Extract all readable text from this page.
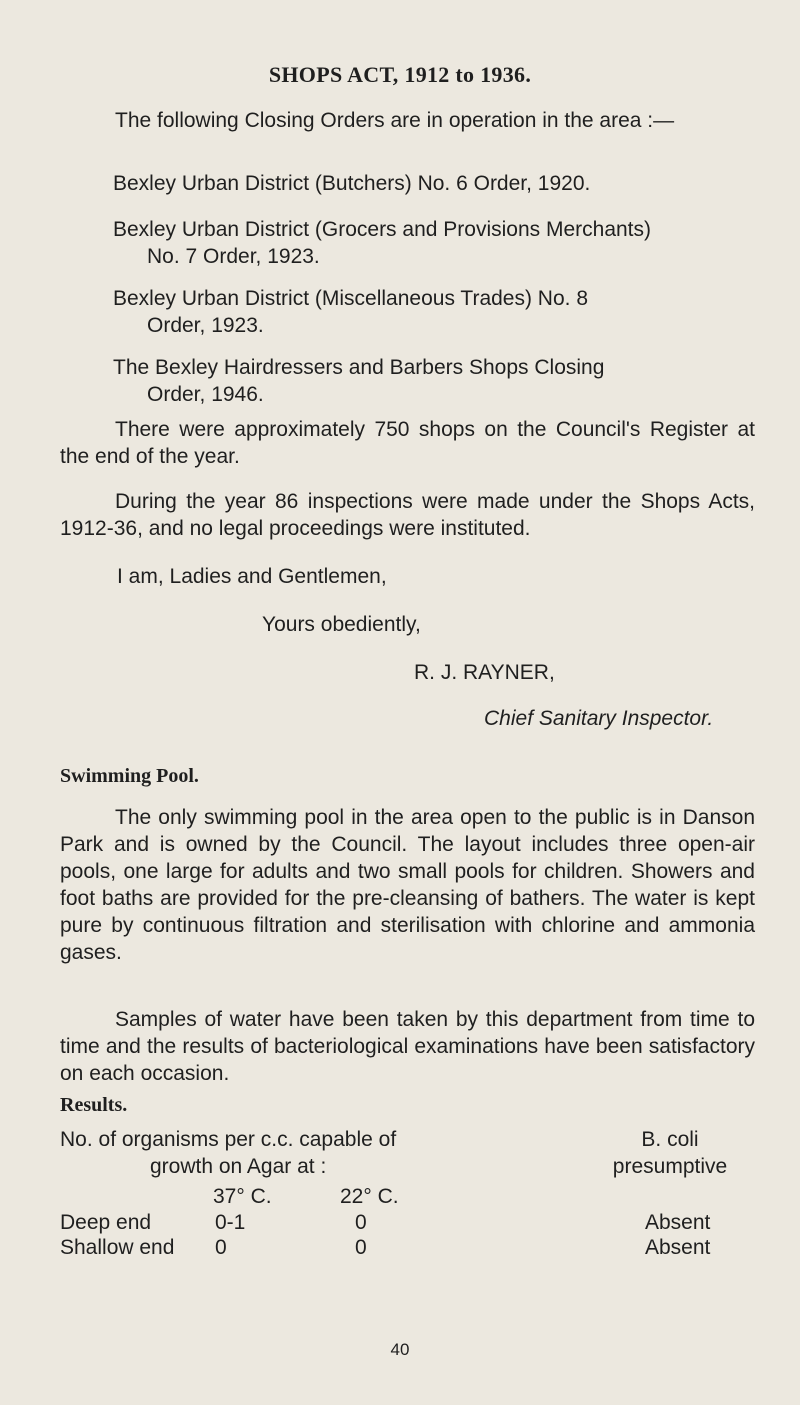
SHOPS ACT, 1912 to 1936.

The following Closing Orders are in operation in the area :—

Bexley Urban District (Butchers) No. 6 Order, 1920.

Bexley Urban District (Grocers and Provisions Merchants)
No. 7 Order, 1923.

Bexley Urban District (Miscellaneous Trades) No. 8
Order, 1923.

The Bexley Hairdressers and Barbers Shops Closing
Order, 1946.

There were approximately 750 shops on the Council's Register at the end of the year.

During the year 86 inspections were made under the Shops Acts, 1912-36, and no legal proceedings were instituted.

I am, Ladies and Gentlemen,
Yours obediently,
R. J. RAYNER,
Chief Sanitary Inspector.
Swimming Pool.

The only swimming pool in the area open to the public is in Danson Park and is owned by the Council. The layout includes three open-air pools, one large for adults and two small pools for children. Showers and foot baths are provided for the pre-cleansing of bathers. The water is kept pure by continuous filtration and sterilisation with chlorine and ammonia gases.

Samples of water have been taken by this department from time to time and the results of bacteriological examinations have been satisfactory on each occasion.

Results.
No. of organisms per c.c. capable of
growth on Agar at :
B. coli
presumptive
37° C.	22° C.
Deep end	0-1	0	Absent
Shallow end 0	0	Absent
40
